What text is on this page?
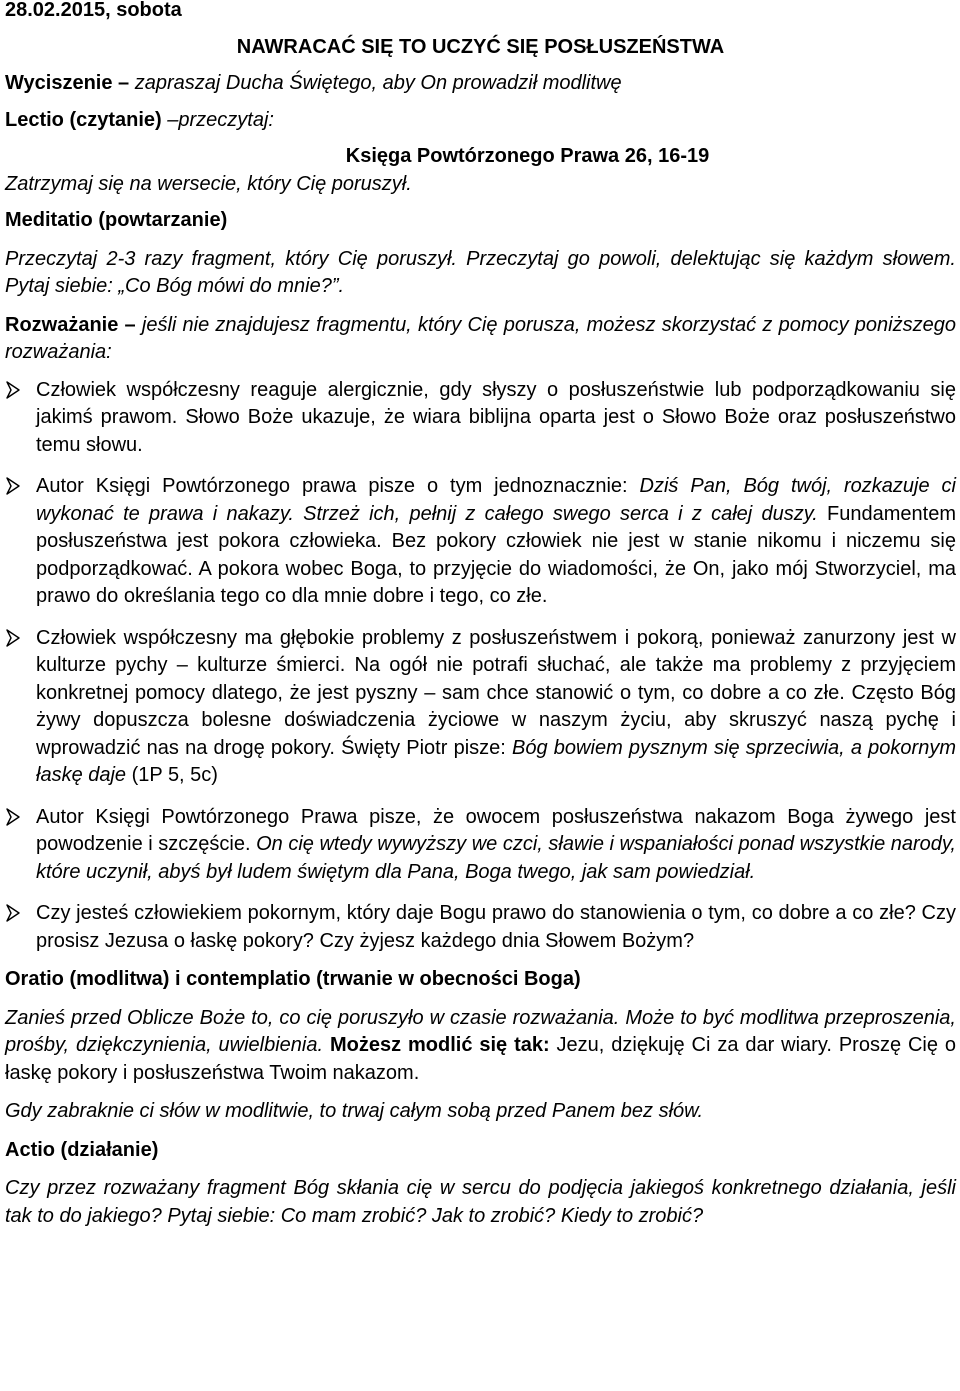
28.02.2015, sobota

NAWRACAĆ SIĘ TO UCZYĆ SIĘ POSŁUSZEŃSTWA

Wyciszenie – zapraszaj Ducha Świętego, aby On prowadził modlitwę

Lectio (czytanie) –przeczytaj:

Księga Powtórzonego Prawa 26, 16-19

Zatrzymaj się na wersecie, który Cię poruszył.

Meditatio (powtarzanie)

Przeczytaj 2-3 razy fragment, który Cię poruszył. Przeczytaj go powoli, delektując się każdym słowem. Pytaj siebie: „Co Bóg mówi do mnie?”.

Rozważanie – jeśli nie znajdujesz fragmentu, który Cię porusza, możesz skorzystać z pomocy poniższego rozważania:

Człowiek współczesny reaguje alergicznie, gdy słyszy o posłuszeństwie lub podporządkowaniu się jakimś prawom. Słowo Boże ukazuje, że wiara biblijna oparta jest o Słowo Boże oraz posłuszeństwo temu słowu.
Autor Księgi Powtórzonego prawa pisze o tym jednoznacznie: Dziś Pan, Bóg twój, rozkazuje ci wykonać te prawa i nakazy. Strzeż ich, pełnij z całego swego serca i z całej duszy. Fundamentem posłuszeństwa jest pokora człowieka. Bez pokory człowiek nie jest w stanie nikomu i niczemu się podporządkować. A pokora wobec Boga, to przyjęcie do wiadomości, że On, jako mój Stworzyciel, ma prawo do określania tego co dla mnie dobre i tego, co złe.
Człowiek współczesny ma głębokie problemy z posłuszeństwem i pokorą, ponieważ zanurzony jest w kulturze pychy – kulturze śmierci. Na ogół nie potrafi słuchać, ale także ma problemy z przyjęciem konkretnej pomocy dlatego, że jest pyszny – sam chce stanowić o tym, co dobre a co złe. Często Bóg żywy dopuszcza bolesne doświadczenia życiowe w naszym życiu, aby skruszyć naszą pychę i wprowadzić nas na drogę pokory. Święty Piotr pisze: Bóg bowiem pysznym się sprzeciwia, a pokornym łaskę daje (1P 5, 5c)
Autor Księgi Powtórzonego Prawa pisze, że owocem posłuszeństwa nakazom Boga żywego jest powodzenie i szczęście. On cię wtedy wywyższy we czci, sławie i wspaniałości ponad wszystkie narody, które uczynił, abyś był ludem świętym dla Pana, Boga twego, jak sam powiedział.
Czy jesteś człowiekiem pokornym, który daje Bogu prawo do stanowienia o tym, co dobre a co złe? Czy prosisz Jezusa o łaskę pokory? Czy żyjesz każdego dnia Słowem Bożym?

Oratio (modlitwa) i contemplatio (trwanie w obecności Boga)

Zanieś przed Oblicze Boże to, co cię poruszyło w czasie rozważania. Może to być modlitwa przeproszenia, prośby, dziękczynienia, uwielbienia. Możesz modlić się tak: Jezu, dziękuję Ci za dar wiary. Proszę Cię o łaskę pokory i posłuszeństwa Twoim nakazom.

Gdy zabraknie ci słów w modlitwie, to trwaj całym sobą przed Panem bez słów.

Actio (działanie)

Czy przez rozważany fragment Bóg skłania cię w sercu do podjęcia jakiegoś konkretnego działania, jeśli tak to do jakiego? Pytaj siebie: Co mam zrobić? Jak to zrobić? Kiedy to zrobić?
